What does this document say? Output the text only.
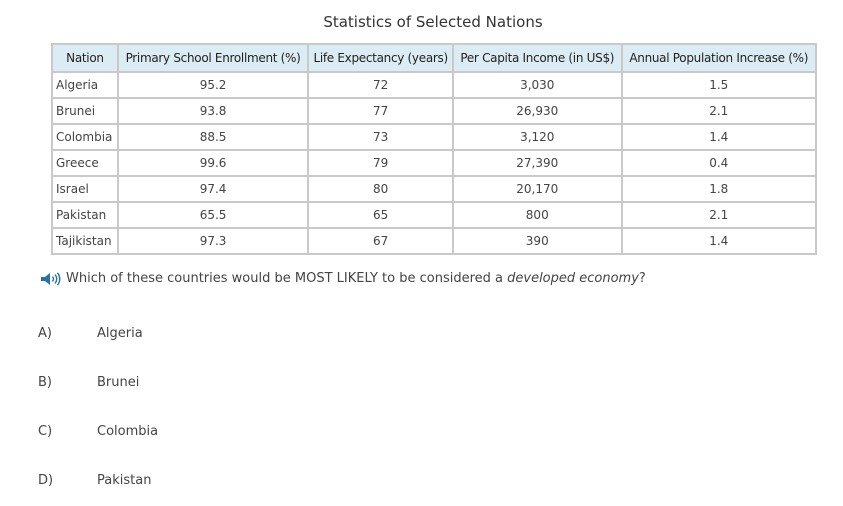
Statistics of Selected Nations
Nation	Primary School Enrollment (%)	Life Expectancy (years)	Per Capita Income (in US$)	Annual Population Increase (%)
Algeria	95.2	72	3,030	1.5
Brunei	93.8	77	26,930	2.1
Colombia	88.5	73	3,120	1.4
Greece	99.6	79	27,390	0.4
Israel	97.4	80	20,170	1.8
Pakistan	65.5	65	800	2.1
Tajikistan	97.3	67	390	1.4
Which of these countries would be MOST LIKELY to be considered a developed economy?
A)	Algeria
B)	Brunei
C)	Colombia
D)	Pakistan
